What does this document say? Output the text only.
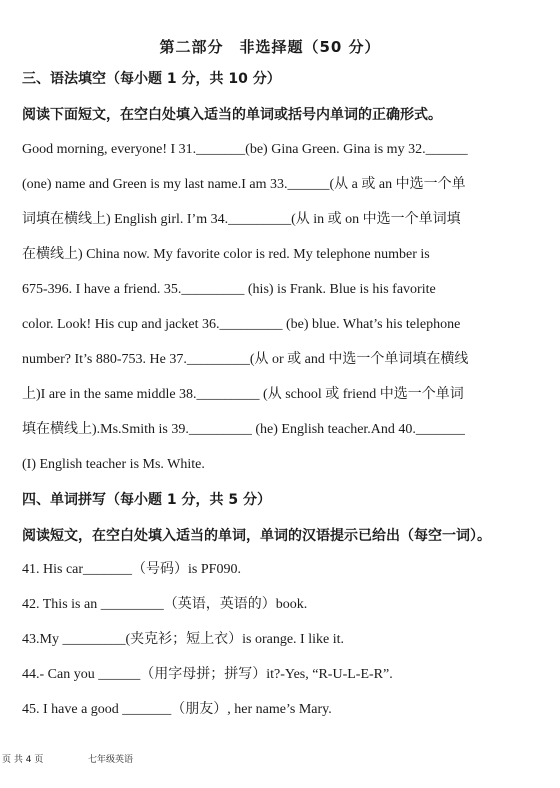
第二部分　非选择题（50 分）
三、语法填空（每小题 1 分，共 10 分）
阅读下面短文，在空白处填入适当的单词或括号内单词的正确形式。
Good morning, everyone! I 31._______(be) Gina Green. Gina is my 32.______
(one) name and Green is my last name.I am 33.______(从 a 或 an 中选一个单
词填在横线上) English girl. I’m 34._________(从 in 或 on 中选一个单词填
在横线上) China now. My favorite color is red. My telephone number is
675-396. I have a friend. 35._________ (his) is Frank. Blue is his favorite
color. Look! His cup and jacket 36._________ (be) blue. What’s his telephone
number? It’s 880-753. He 37._________(从 or 或 and 中选一个单词填在横线
上)I are in the same middle 38._________ (从 school 或 friend 中选一个单词
填在横线上).Ms.Smith is 39._________ (he) English teacher.And 40._______
(I) English teacher is Ms. White.
四、单词拼写（每小题 1 分，共 5 分）
阅读短文，在空白处填入适当的单词，单词的汉语提示已给出（每空一词）。
41. His car_______（号码）is PF090.
42. This is an _________（英语，英语的）book.
43.My _________(夹克衫；短上衣）is orange. I like it.
44.- Can you ______（用字母拼；拼写）it?-Yes, “R-U-L-E-R”.
45. I have a good _______（朋友）, her name’s Mary.
页 共 4 页	七年级英语
